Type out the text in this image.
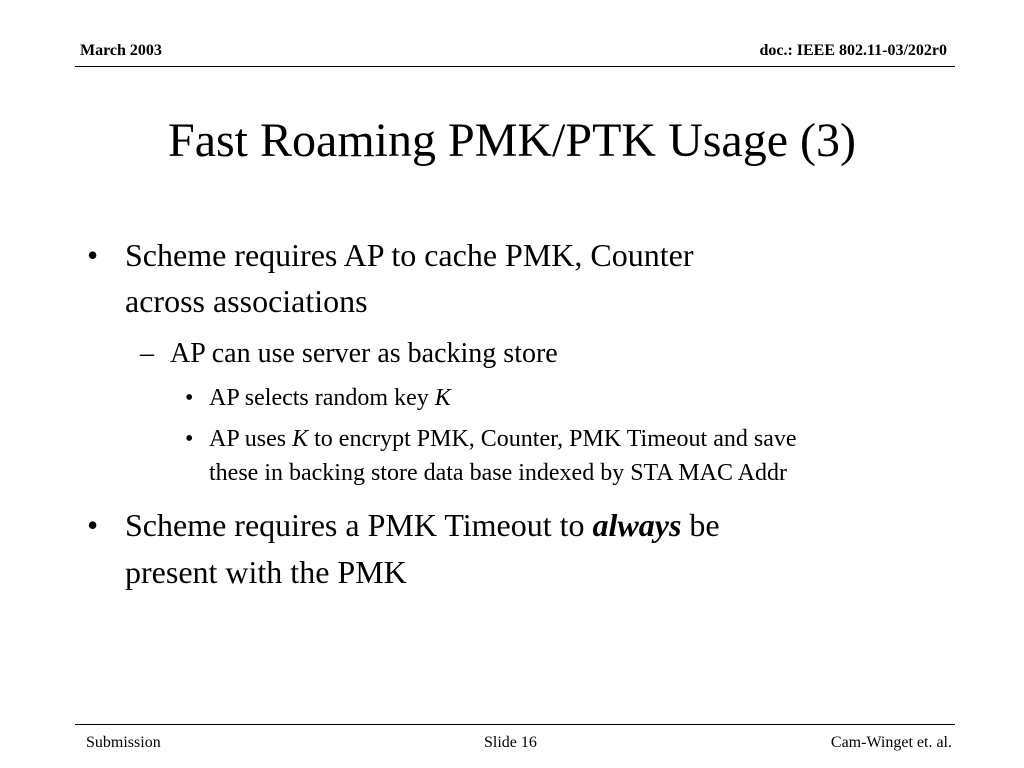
March 2003	doc.: IEEE 802.11-03/202r0
Fast Roaming PMK/PTK Usage (3)
• Scheme requires AP to cache PMK, Counter
across associations
– AP can use server as backing store
• AP selects random key K
• AP uses K to encrypt PMK, Counter, PMK Timeout and save
these in backing store data base indexed by STA MAC Addr
• Scheme requires a PMK Timeout to always be
present with the PMK
Submission	Slide 16	Cam-Winget et. al.
